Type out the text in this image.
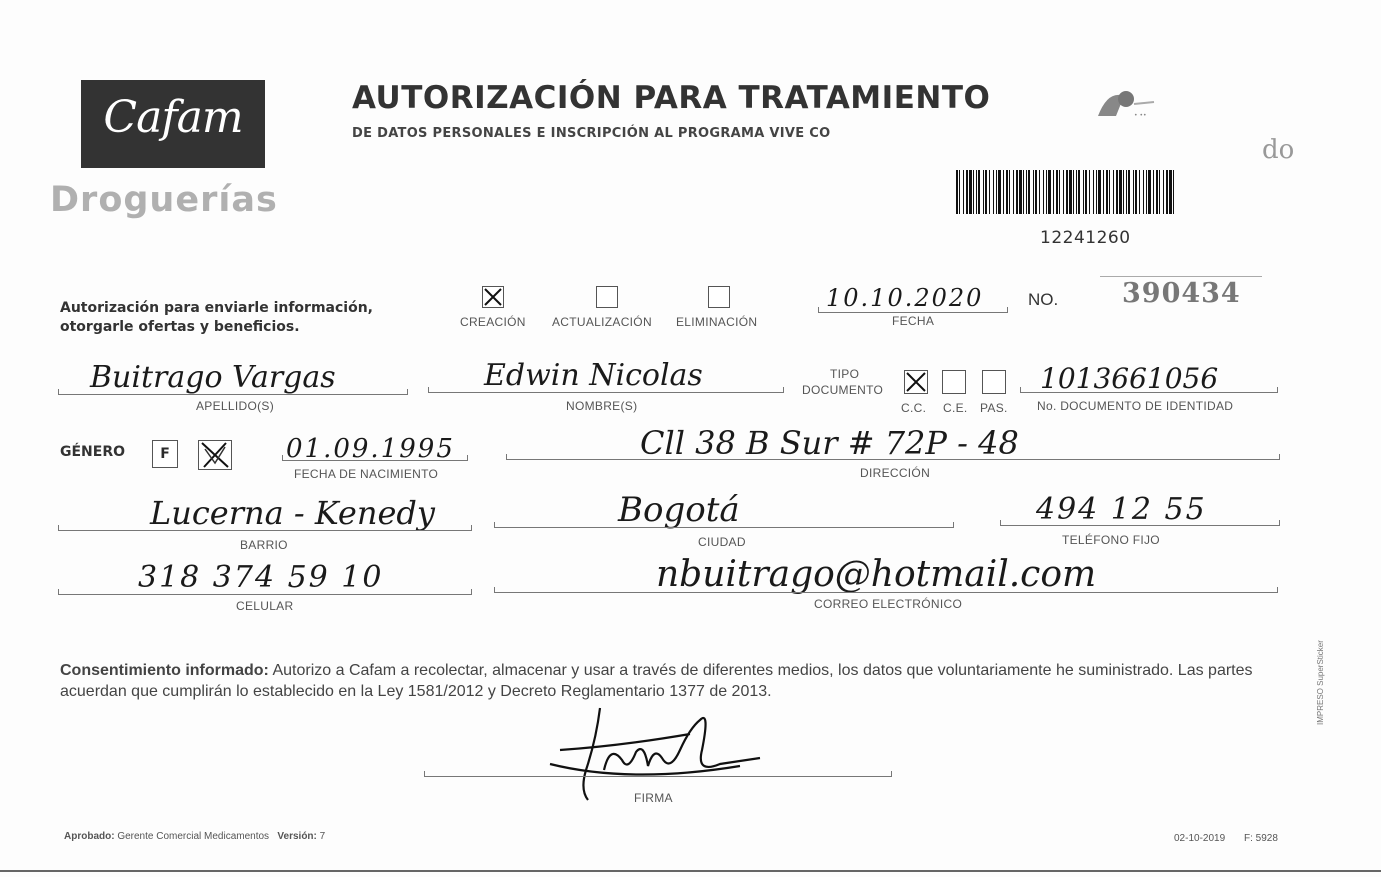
Cafam
Droguerías
AUTORIZACIÓN PARA TRATAMIENTO
DE DATOS PERSONALES E INSCRIPCIÓN AL PROGRAMA VIVE CO
• ••
do
12241260
Autorización para enviarle información,
otorgarle ofertas y beneficios.	CREACIÓN ACTUALIZACIÓN ELIMINACIÓN
10.10.2020
FECHA
NO. 390434
Buitrago Vargas
APELLIDO(S)
Edwin Nicolas
NOMBRE(S)
TIPO
DOCUMENTO
C.C. C.E. PAS.
1013661056
No. DOCUMENTO DE IDENTIDAD
GÉNERO	F	01.09.1995
FECHA DE NACIMIENTO
Cll 38 B Sur # 72P - 48
DIRECCIÓN
Lucerna - Kenedy
BARRIO
Bogotá
CIUDAD
494 12 55
TELÉFONO FIJO
318 374 59 10
CELULAR
nbuitrago@hotmail.com
CORREO ELECTRÓNICO
Consentimiento informado: Autorizo a Cafam a recolectar, almacenar y usar a través de diferentes medios, los datos que voluntariamente he suministrado. Las partes acuerdan que cumplirán lo establecido en la Ley 1581/2012 y Decreto Reglamentario 1377 de 2013.
FIRMA
Aprobado: Gerente Comercial Medicamentos Versión: 7	02-10-2019 F: 5928
IMPRESO SuperSticker
